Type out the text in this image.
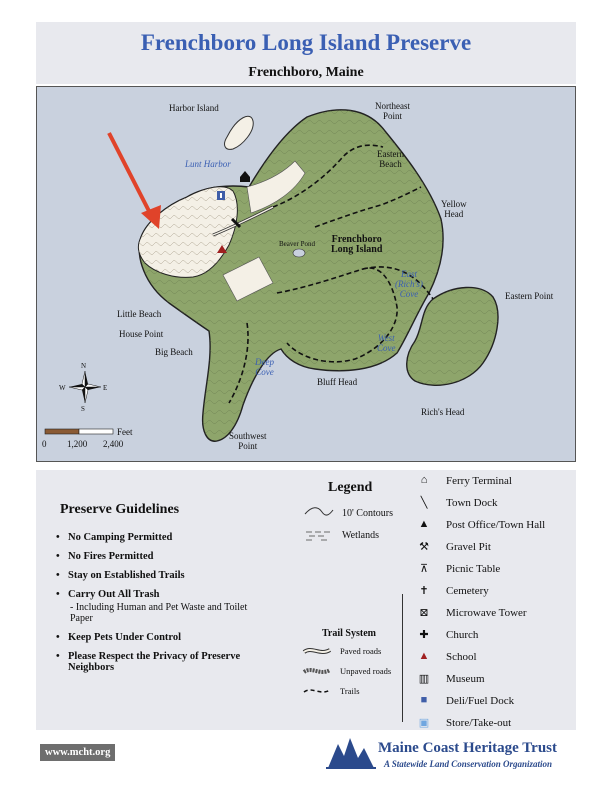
Frenchboro Long Island Preserve
Frenchboro, Maine
Harbor Island	Northeast
Point
Lunt Harbor
Eastern
Beach
Yellow
Head
Beaver Pond Frenchboro
Long Island
East
(Rich's)
Cove	Eastern Point
Little Beach
House Point
Big Beach
Deep
Cove
West
Cove
Bluff Head
Rich's Head
Southwest
Point
N
S
E
W
Feet
0 1,200 2,400
Preserve Guidelines
• No Camping Permitted
• No Fires Permitted
• Stay on Established Trails
• Carry Out All Trash
- Including Human and Pet Waste and Toilet Paper
• Keep Pets Under Control
• Please Respect the Privacy of Preserve Neighbors
Legend
10' Contours
Wetlands
Trail System
Paved roads
Unpaved roads
Trails
⌂	Ferry Terminal
╲	Town Dock
▲ Post Office/Town Hall
⚒ Gravel Pit
⊼	Picnic Table
✝	Cemetery
⊠	Microwave Tower
✚	Church
▲ School
▥ Museum
■	Deli/Fuel Dock
▣ Store/Take-out
www.mcht.org	Maine Coast Heritage Trust
A Statewide Land Conservation Organization
